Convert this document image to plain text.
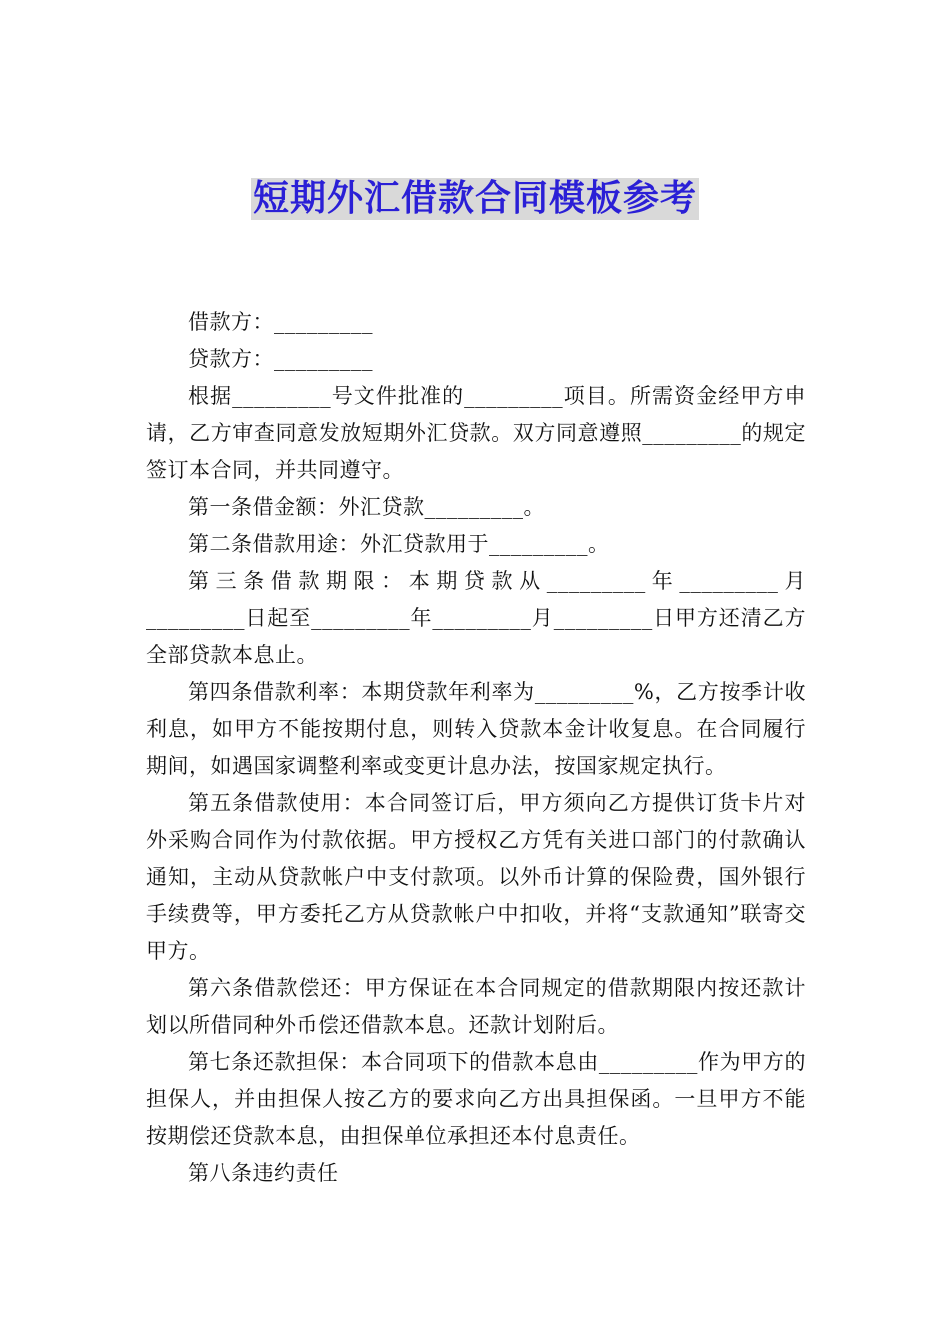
短期外汇借款合同模板参考

借款方：_________

贷款方：_________

根据_________号文件批准的_________项目。所需资金经甲方申请，乙方审查同意发放短期外汇贷款。双方同意遵照_________的规定签订本合同，并共同遵守。

第一条借金额：外汇贷款_________。

第二条借款用途：外汇贷款用于_________。

第三条借款期限：本期贷款从_________年_________月_________日起至_________年_________月_________日甲方还清乙方全部贷款本息止。

第四条借款利率：本期贷款年利率为_________%，乙方按季计收利息，如甲方不能按期付息，则转入贷款本金计收复息。在合同履行期间，如遇国家调整利率或变更计息办法，按国家规定执行。

第五条借款使用：本合同签订后，甲方须向乙方提供订货卡片对外采购合同作为付款依据。甲方授权乙方凭有关进口部门的付款确认通知，主动从贷款帐户中支付款项。以外币计算的保险费，国外银行手续费等，甲方委托乙方从贷款帐户中扣收，并将“支款通知”联寄交甲方。

第六条借款偿还：甲方保证在本合同规定的借款期限内按还款计划以所借同种外币偿还借款本息。还款计划附后。

第七条还款担保：本合同项下的借款本息由_________作为甲方的担保人，并由担保人按乙方的要求向乙方出具担保函。一旦甲方不能按期偿还贷款本息，由担保单位承担还本付息责任。

第八条违约责任
